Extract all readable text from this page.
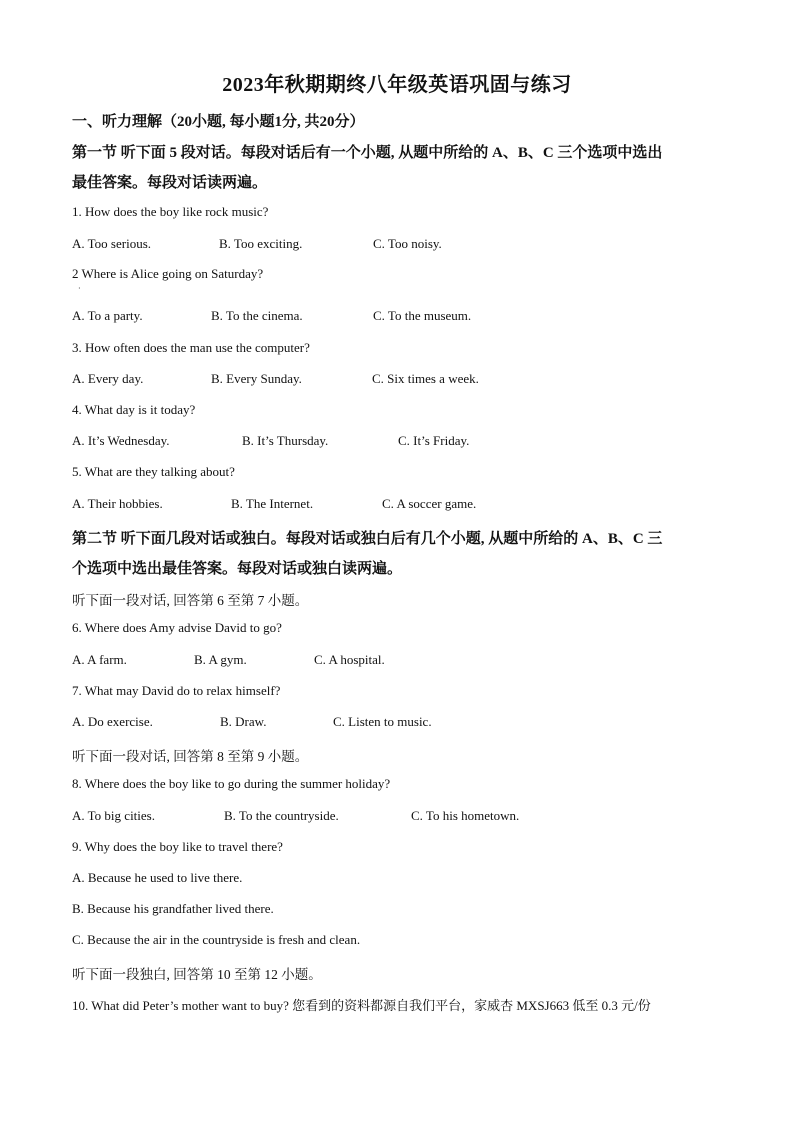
2023年秋期期终八年级英语巩固与练习
一、听力理解（20小题, 每小题1分, 共20分）
第一节 听下面 5 段对话。每段对话后有一个小题, 从题中所给的 A、B、C 三个选项中选出
最佳答案。每段对话读两遍。
1. How does the boy like rock music?
A. Too serious.	B. Too exciting.	C. Too noisy.
2 Where is Alice going on Saturday?
·
A. To a party.	B. To the cinema.	C. To the museum.
3. How often does the man use the computer?
A. Every day.	B. Every Sunday.	C. Six times a week.
4. What day is it today?
A. It’s Wednesday.	B. It’s Thursday.	C. It’s Friday.
5. What are they talking about?
A. Their hobbies.	B. The Internet.	C. A soccer game.
第二节 听下面几段对话或独白。每段对话或独白后有几个小题, 从题中所给的 A、B、C 三
个选项中选出最佳答案。每段对话或独白读两遍。
听下面一段对话, 回答第 6 至第 7 小题。
6. Where does Amy advise David to go?
A. A farm.	B. A gym.	C. A hospital.
7. What may David do to relax himself?
A. Do exercise.	B. Draw.	C. Listen to music.
听下面一段对话, 回答第 8 至第 9 小题。
8. Where does the boy like to go during the summer holiday?
A. To big cities.	B. To the countryside.	C. To his hometown.
9. Why does the boy like to travel there?
A. Because he used to live there.
B. Because his grandfather lived there.
C. Because the air in the countryside is fresh and clean.
听下面一段独白, 回答第 10 至第 12 小题。
10. What did Peter’s mother want to buy? 您看到的资料都源自我们平台，家威杏 MXSJ663 低至 0.3 元/份
